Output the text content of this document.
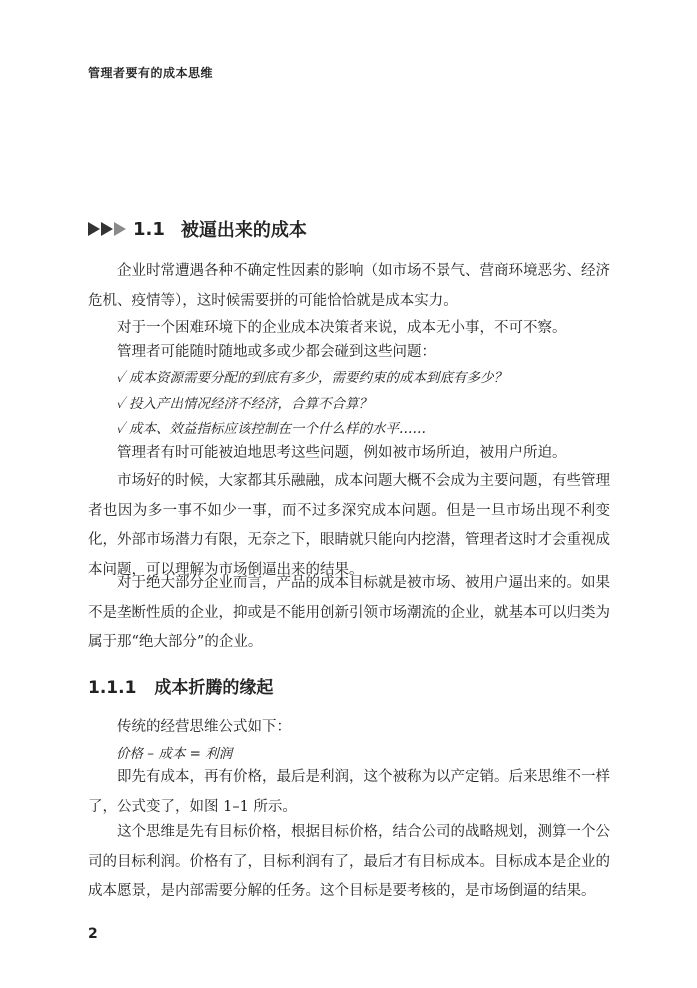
管理者要有的成本思维
1.1 被逼出来的成本
企业时常遭遇各种不确定性因素的影响（如市场不景气、营商环境恶劣、经济危机、疫情等），这时候需要拼的可能恰恰就是成本实力。
对于一个困难环境下的企业成本决策者来说，成本无小事，不可不察。
管理者可能随时随地或多或少都会碰到这些问题：
✓ 成本资源需要分配的到底有多少，需要约束的成本到底有多少？
✓ 投入产出情况经济不经济，合算不合算？
✓ 成本、效益指标应该控制在一个什么样的水平……
管理者有时可能被迫地思考这些问题，例如被市场所迫，被用户所迫。
市场好的时候，大家都其乐融融，成本问题大概不会成为主要问题，有些管理者也因为多一事不如少一事，而不过多深究成本问题。但是一旦市场出现不利变化，外部市场潜力有限，无奈之下，眼睛就只能向内挖潜，管理者这时才会重视成本问题，可以理解为市场倒逼出来的结果。
对于绝大部分企业而言，产品的成本目标就是被市场、被用户逼出来的。如果不是垄断性质的企业，抑或是不能用创新引领市场潮流的企业，就基本可以归类为属于那“绝大部分”的企业。
1.1.1 成本折腾的缘起
传统的经营思维公式如下：
价格 – 成本 = 利润
即先有成本，再有价格，最后是利润，这个被称为以产定销。后来思维不一样了，公式变了，如图 1–1 所示。
这个思维是先有目标价格，根据目标价格，结合公司的战略规划，测算一个公司的目标利润。价格有了，目标利润有了，最后才有目标成本。目标成本是企业的成本愿景，是内部需要分解的任务。这个目标是要考核的，是市场倒逼的结果。
2
